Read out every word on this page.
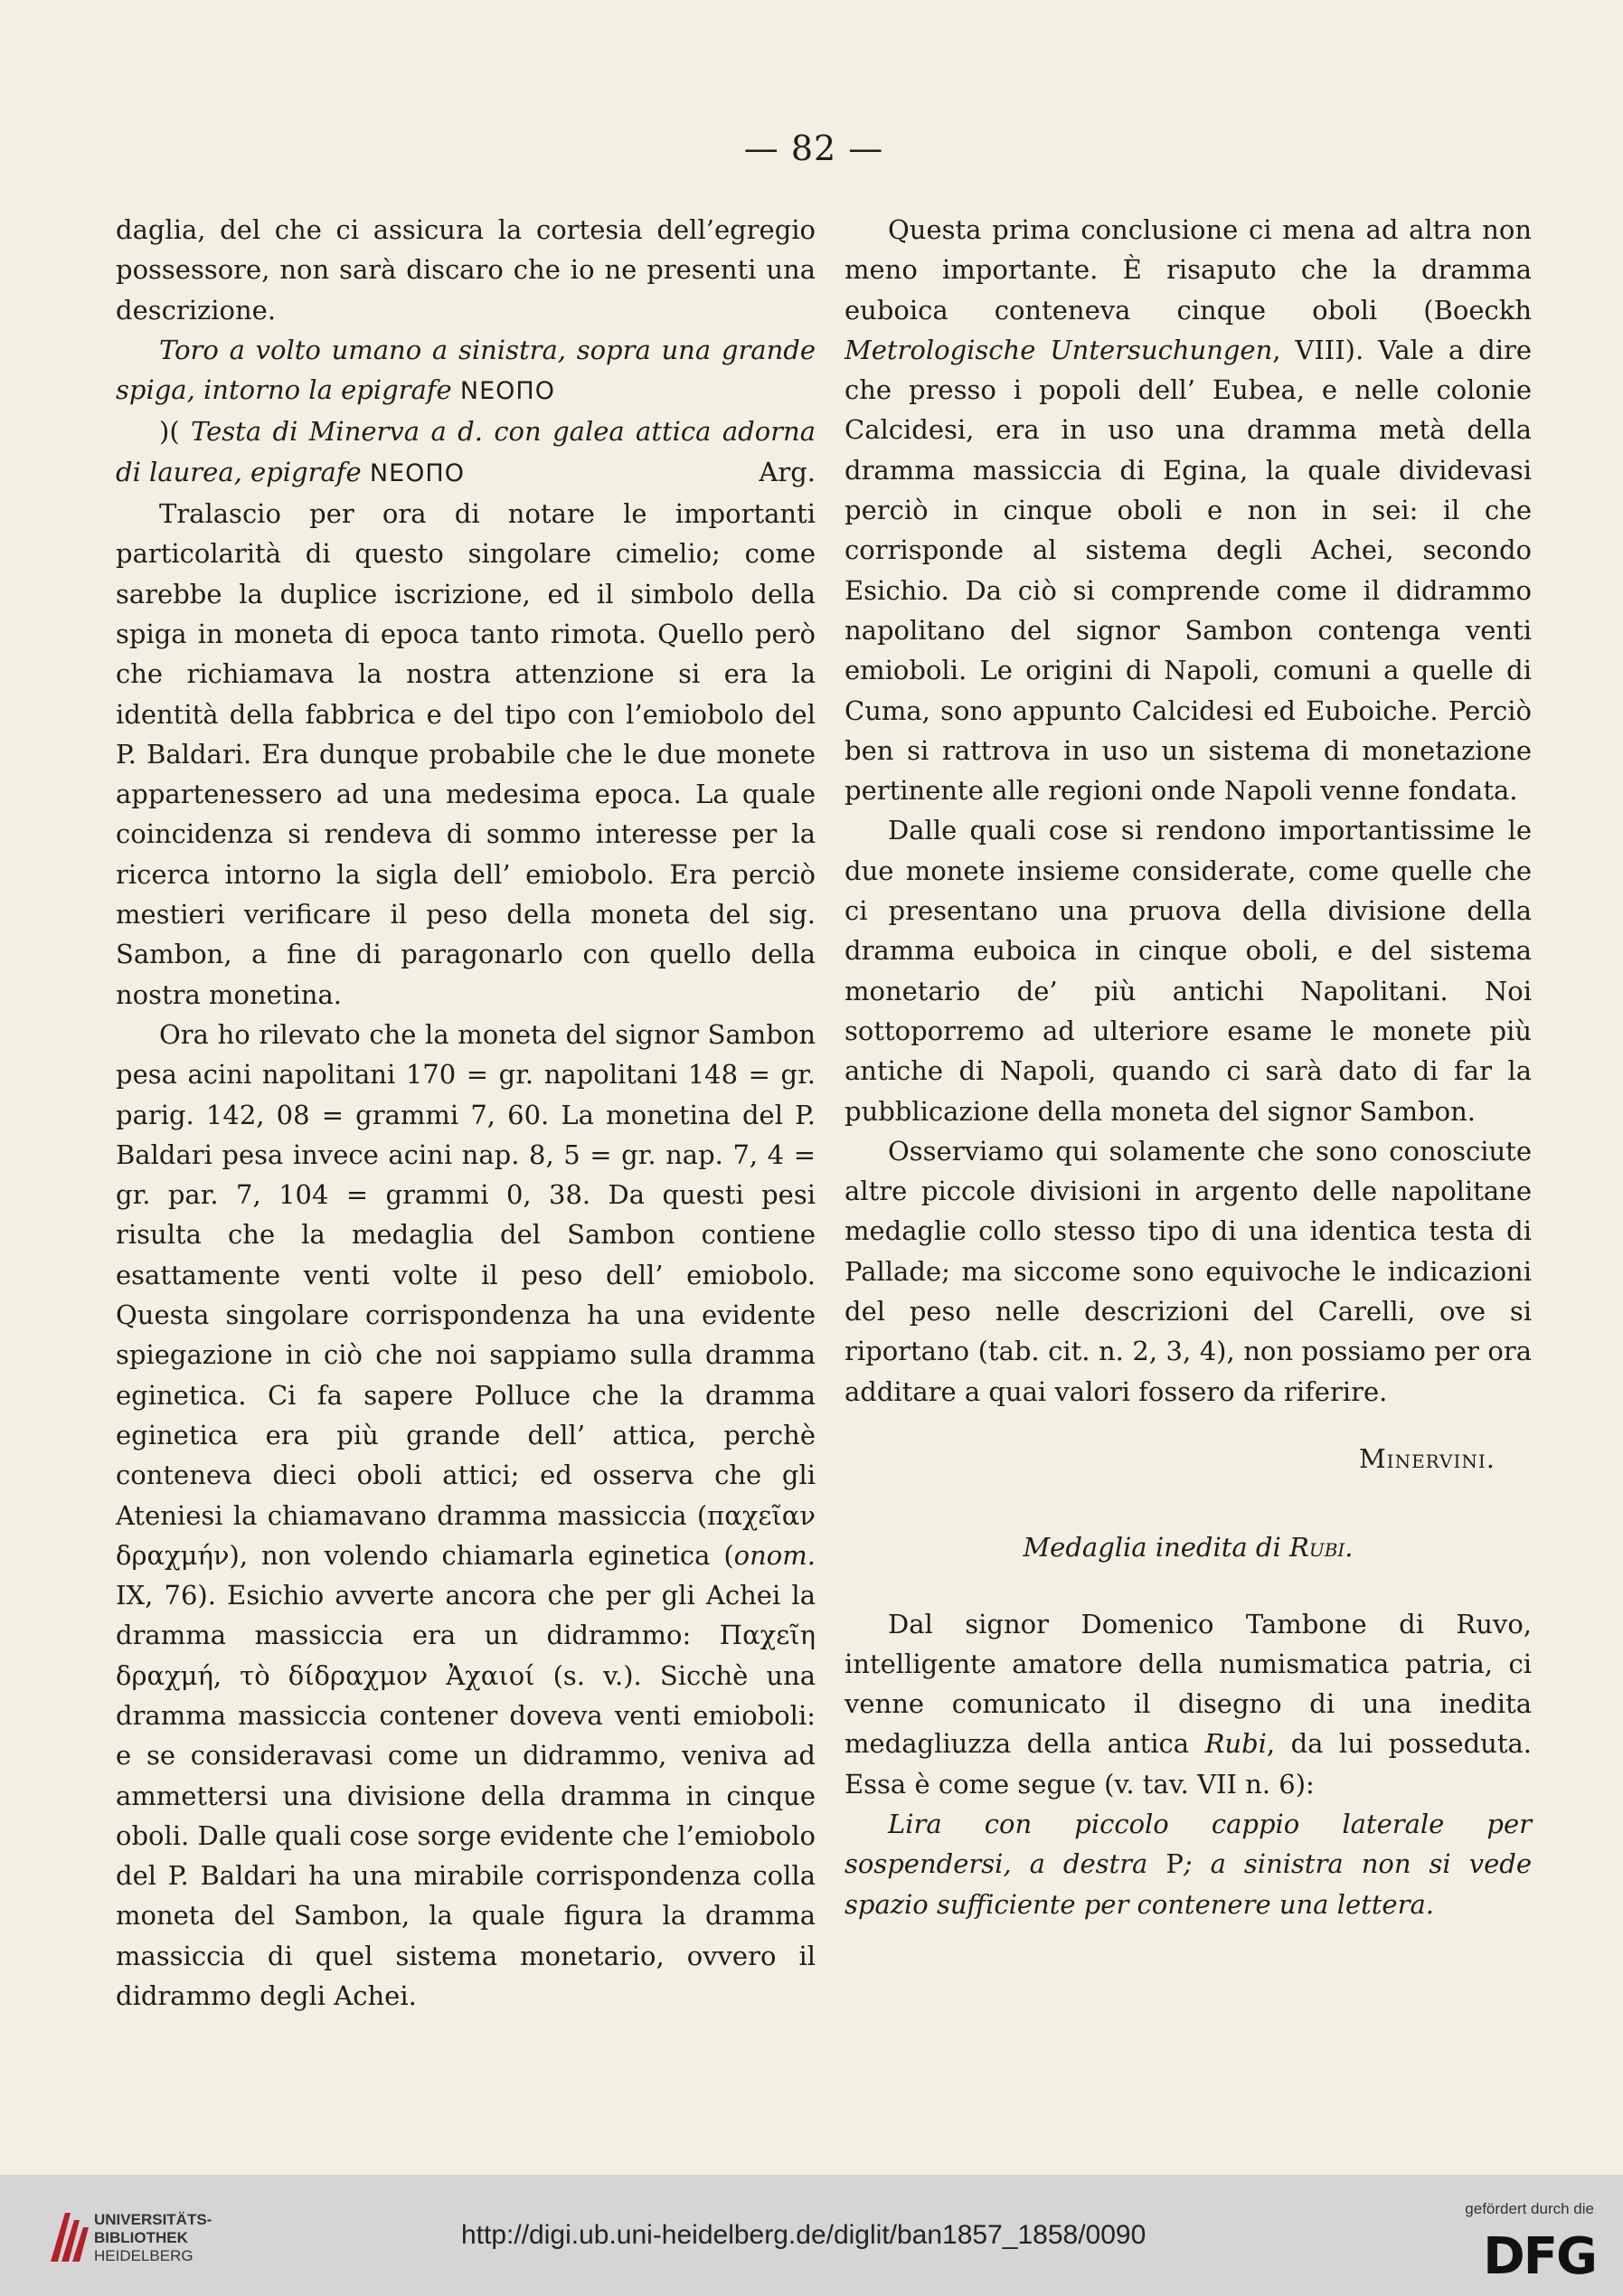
— 82 —

daglia, del che ci assicura la cortesia dell’egregio possessore, non sarà discaro che io ne presenti una descrizione.

Toro a volto umano a sinistra, sopra una grande spiga, intorno la epigrafe ΝΕΟΠΟ

)( Testa di Minerva a d. con galea attica adorna di laurea, epigrafe ΝΕΟΠΟ	Arg.

Tralascio per ora di notare le importanti particolarità di questo singolare cimelio; come sarebbe la duplice iscrizione, ed il simbolo della spiga in moneta di epoca tanto rimota. Quello però che richiamava la nostra attenzione si era la identità della fabbrica e del tipo con l’emiobolo del P. Baldari. Era dunque probabile che le due monete appartenessero ad una medesima epoca. La quale coincidenza si rendeva di sommo interesse per la ricerca intorno la sigla dell’ emiobolo. Era perciò mestieri verificare il peso della moneta del sig. Sambon, a fine di paragonarlo con quello della nostra monetina.

Ora ho rilevato che la moneta del signor Sambon pesa acini napolitani 170 = gr. napolitani 148 = gr. parig. 142, 08 = grammi 7, 60. La monetina del P. Baldari pesa invece acini nap. 8, 5 = gr. nap. 7, 4 = gr. par. 7, 104 = grammi 0, 38. Da questi pesi risulta che la medaglia del Sambon contiene esattamente venti volte il peso dell’ emiobolo. Questa singolare corrispondenza ha una evidente spiegazione in ciò che noi sappiamo sulla dramma eginetica. Ci fa sapere Polluce che la dramma eginetica era più grande dell’ attica, perchè conteneva dieci oboli attici; ed osserva che gli Ateniesi la chiamavano dramma massiccia (παχεῖαν δραχμήν), non volendo chiamarla eginetica (onom. IX, 76). Esichio avverte ancora che per gli Achei la dramma massiccia era un didrammo: Παχεῖη δραχμή, τὸ δίδραχμον Ἀχαιοί (s. v.). Sicchè una dramma massiccia contener doveva venti emioboli: e se consideravasi come un didrammo, veniva ad ammettersi una divisione della dramma in cinque oboli. Dalle quali cose sorge evidente che l’emiobolo del P. Baldari ha una mirabile corrispondenza colla moneta del Sambon, la quale figura la dramma massiccia di quel sistema monetario, ovvero il didrammo degli Achei.

Questa prima conclusione ci mena ad altra non meno importante. È risaputo che la dramma euboica conteneva cinque oboli (Boeckh Metrologische Untersuchungen, VIII). Vale a dire che presso i popoli dell’ Eubea, e nelle colonie Calcidesi, era in uso una dramma metà della dramma massiccia di Egina, la quale dividevasi perciò in cinque oboli e non in sei: il che corrisponde al sistema degli Achei, secondo Esichio. Da ciò si comprende come il didrammo napolitano del signor Sambon contenga venti emioboli. Le origini di Napoli, comuni a quelle di Cuma, sono appunto Calcidesi ed Euboiche. Perciò ben si rattrova in uso un sistema di monetazione pertinente alle regioni onde Napoli venne fondata.

Dalle quali cose si rendono importantissime le due monete insieme considerate, come quelle che ci presentano una pruova della divisione della dramma euboica in cinque oboli, e del sistema monetario de’ più antichi Napolitani. Noi sottoporremo ad ulteriore esame le monete più antiche di Napoli, quando ci sarà dato di far la pubblicazione della moneta del signor Sambon.

Osserviamo qui solamente che sono conosciute altre piccole divisioni in argento delle napolitane medaglie collo stesso tipo di una identica testa di Pallade; ma siccome sono equivoche le indicazioni del peso nelle descrizioni del Carelli, ove si riportano (tab. cit. n. 2, 3, 4), non possiamo per ora additare a quai valori fossero da riferire.

Minervini.

Medaglia inedita di Rubi.

Dal signor Domenico Tambone di Ruvo, intelligente amatore della numismatica patria, ci venne comunicato il disegno di una inedita medagliuzza della antica Rubi, da lui posseduta. Essa è come segue (v. tav. VII n. 6):

Lira con piccolo cappio laterale per sospendersi, a destra P; a sinistra non si vede spazio sufficiente per contenere una lettera.

UNIVERSITÄTS-
BIBLIOTHEK
HEIDELBERG
http://digi.ub.uni-heidelberg.de/diglit/ban1857_1858/0090
gefördert durch die
DFG
